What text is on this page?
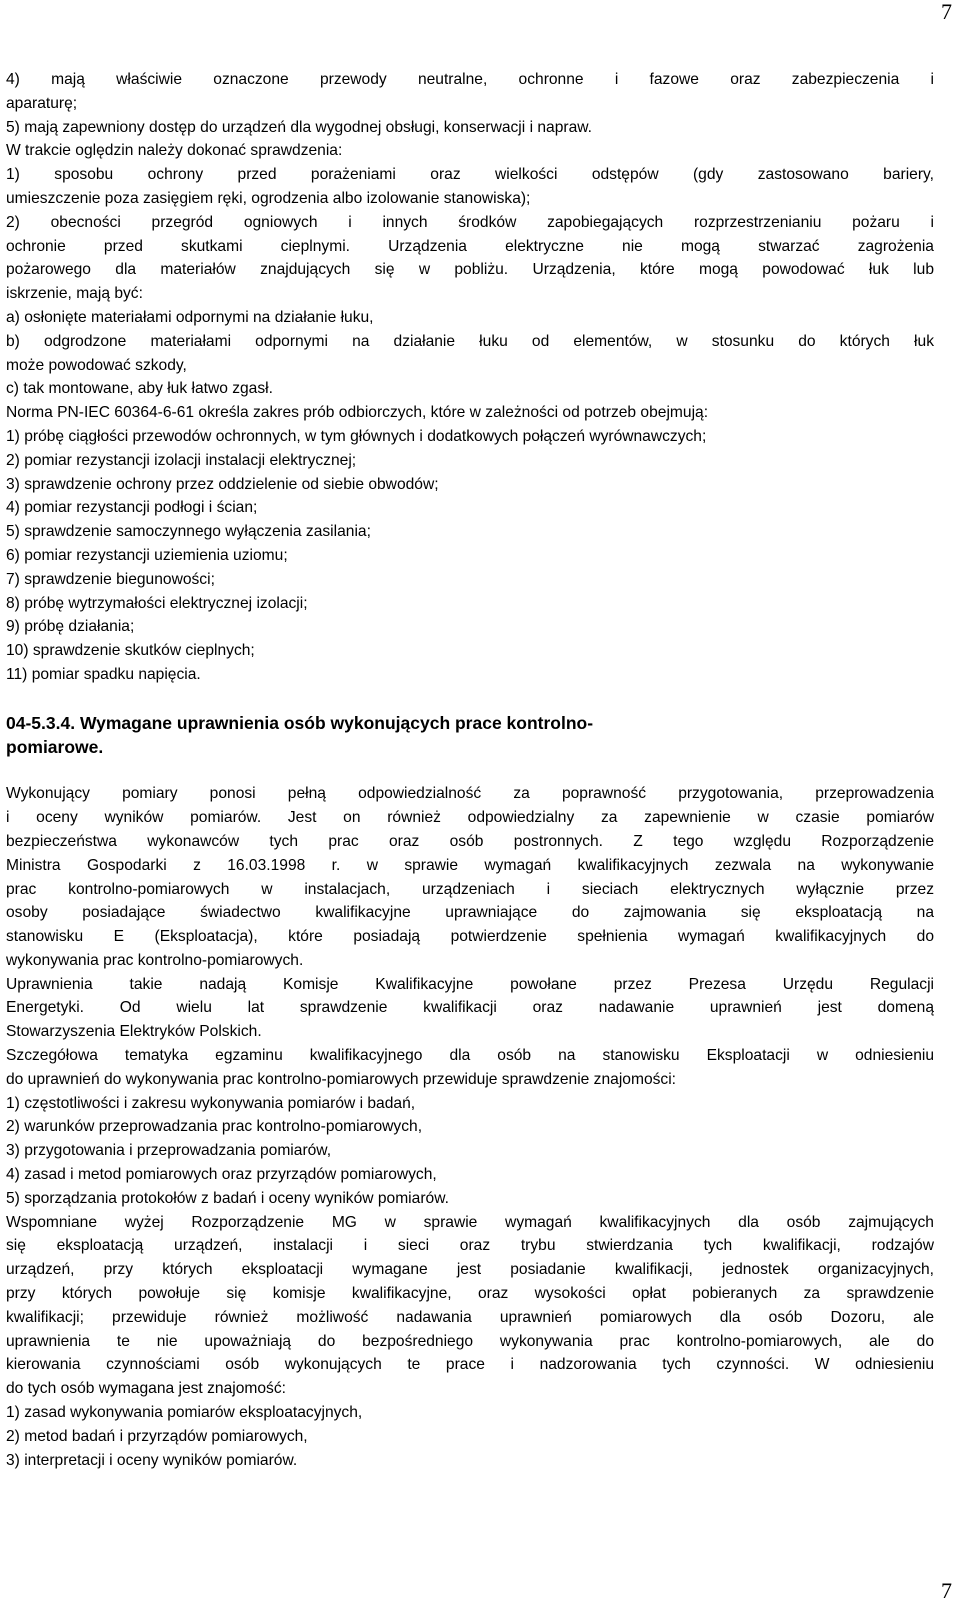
7
4) mają właściwie oznaczone przewody neutralne, ochronne i fazowe oraz zabezpieczenia i
aparaturę;
5) mają zapewniony dostęp do urządzeń dla wygodnej obsługi, konserwacji i napraw.
W trakcie oględzin należy dokonać sprawdzenia:
1) sposobu ochrony przed porażeniami oraz wielkości odstępów (gdy zastosowano bariery,
umieszczenie poza zasięgiem ręki, ogrodzenia albo izolowanie stanowiska);
2) obecności przegród ogniowych i innych środków zapobiegających rozprzestrzenianiu pożaru i
ochronie przed skutkami cieplnymi. Urządzenia elektryczne nie mogą stwarzać zagrożenia
pożarowego dla materiałów znajdujących się w pobliżu. Urządzenia, które mogą powodować łuk lub
iskrzenie, mają być:
a) osłonięte materiałami odpornymi na działanie łuku,
b) odgrodzone materiałami odpornymi na działanie łuku od elementów, w stosunku do których łuk
może powodować szkody,
c) tak montowane, aby łuk łatwo zgasł.
Norma PN-IEC 60364-6-61 określa zakres prób odbiorczych, które w zależności od potrzeb obejmują:
1) próbę ciągłości przewodów ochronnych, w tym głównych i dodatkowych połączeń wyrównawczych;
2) pomiar rezystancji izolacji instalacji elektrycznej;
3) sprawdzenie ochrony przez oddzielenie od siebie obwodów;
4) pomiar rezystancji podłogi i ścian;
5) sprawdzenie samoczynnego wyłączenia zasilania;
6) pomiar rezystancji uziemienia uziomu;
7) sprawdzenie biegunowości;
8) próbę wytrzymałości elektrycznej izolacji;
9) próbę działania;
10) sprawdzenie skutków cieplnych;
11) pomiar spadku napięcia.
04-5.3.4. Wymagane uprawnienia osób wykonujących prace kontrolno-
pomiarowe.
Wykonujący pomiary ponosi pełną odpowiedzialność za poprawność przygotowania, przeprowadzenia
i oceny wyników pomiarów. Jest on również odpowiedzialny za zapewnienie w czasie pomiarów
bezpieczeństwa wykonawców tych prac oraz osób postronnych. Z tego względu Rozporządzenie
Ministra Gospodarki z 16.03.1998 r. w sprawie wymagań kwalifikacyjnych zezwala na wykonywanie
prac kontrolno-pomiarowych w instalacjach, urządzeniach i sieciach elektrycznych wyłącznie przez
osoby posiadające świadectwo kwalifikacyjne uprawniające do zajmowania się eksploatacją na
stanowisku E (Eksploatacja), które posiadają potwierdzenie spełnienia wymagań kwalifikacyjnych do
wykonywania prac kontrolno-pomiarowych.
Uprawnienia takie nadają Komisje Kwalifikacyjne powołane przez Prezesa Urzędu Regulacji
Energetyki. Od wielu lat sprawdzenie kwalifikacji oraz nadawanie uprawnień jest domeną
Stowarzyszenia Elektryków Polskich.
Szczegółowa tematyka egzaminu kwalifikacyjnego dla osób na stanowisku Eksploatacji w odniesieniu
do uprawnień do wykonywania prac kontrolno-pomiarowych przewiduje sprawdzenie znajomości:
1) częstotliwości i zakresu wykonywania pomiarów i badań,
2) warunków przeprowadzania prac kontrolno-pomiarowych,
3) przygotowania i przeprowadzania pomiarów,
4) zasad i metod pomiarowych oraz przyrządów pomiarowych,
5) sporządzania protokołów z badań i oceny wyników pomiarów.
Wspomniane wyżej Rozporządzenie MG w sprawie wymagań kwalifikacyjnych dla osób zajmujących
się eksploatacją urządzeń, instalacji i sieci oraz trybu stwierdzania tych kwalifikacji, rodzajów
urządzeń, przy których eksploatacji wymagane jest posiadanie kwalifikacji, jednostek organizacyjnych,
przy których powołuje się komisje kwalifikacyjne, oraz wysokości opłat pobieranych za sprawdzenie
kwalifikacji; przewiduje również możliwość nadawania uprawnień pomiarowych dla osób Dozoru, ale
uprawnienia te nie upoważniają do bezpośredniego wykonywania prac kontrolno-pomiarowych, ale do
kierowania czynnościami osób wykonujących te prace i nadzorowania tych czynności. W odniesieniu
do tych osób wymagana jest znajomość:
1) zasad wykonywania pomiarów eksploatacyjnych,
2) metod badań i przyrządów pomiarowych,
3) interpretacji i oceny wyników pomiarów.
7
